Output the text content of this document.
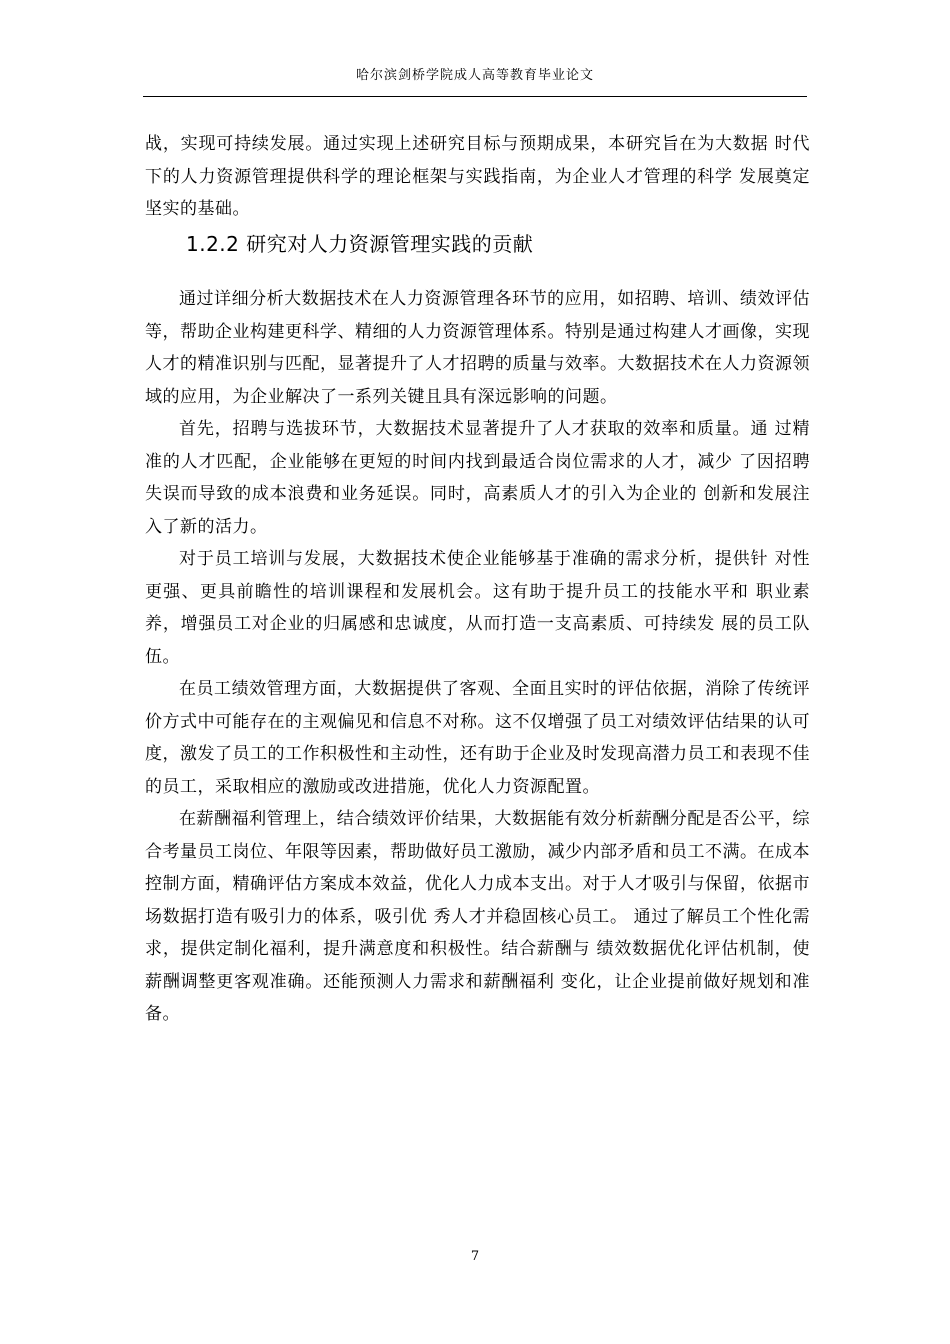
哈尔滨剑桥学院成人高等教育毕业论文

战，实现可持续发展。通过实现上述研究目标与预期成果，本研究旨在为大数据 时代下的人力资源管理提供科学的理论框架与实践指南，为企业人才管理的科学 发展奠定坚实的基础。

1.2.2 研究对人力资源管理实践的贡献

通过详细分析大数据技术在人力资源管理各环节的应用，如招聘、培训、绩效评估等，帮助企业构建更科学、精细的人力资源管理体系。特别是通过构建人才画像，实现人才的精准识别与匹配，显著提升了人才招聘的质量与效率。大数据技术在人力资源领域的应用，为企业解决了一系列关键且具有深远影响的问题。

首先，招聘与选拔环节，大数据技术显著提升了人才获取的效率和质量。通 过精准的人才匹配，企业能够在更短的时间内找到最适合岗位需求的人才，减少 了因招聘失误而导致的成本浪费和业务延误。同时，高素质人才的引入为企业的 创新和发展注入了新的活力。

对于员工培训与发展，大数据技术使企业能够基于准确的需求分析，提供针 对性更强、更具前瞻性的培训课程和发展机会。这有助于提升员工的技能水平和 职业素养，增强员工对企业的归属感和忠诚度，从而打造一支高素质、可持续发 展的员工队伍。

在员工绩效管理方面，大数据提供了客观、全面且实时的评估依据，消除了传统评价方式中可能存在的主观偏见和信息不对称。这不仅增强了员工对绩效评估结果的认可度，激发了员工的工作积极性和主动性，还有助于企业及时发现高潜力员工和表现不佳的员工，采取相应的激励或改进措施，优化人力资源配置。

在薪酬福利管理上，结合绩效评价结果，大数据能有效分析薪酬分配是否公平，综合考量员工岗位、年限等因素，帮助做好员工激励，减少内部矛盾和员工不满。在成本控制方面，精确评估方案成本效益，优化人力成本支出。对于人才吸引与保留，依据市场数据打造有吸引力的体系，吸引优 秀人才并稳固核心员工。 通过了解员工个性化需求，提供定制化福利，提升满意度和积极性。结合薪酬与 绩效数据优化评估机制，使薪酬调整更客观准确。还能预测人力需求和薪酬福利 变化，让企业提前做好规划和准备。

7
